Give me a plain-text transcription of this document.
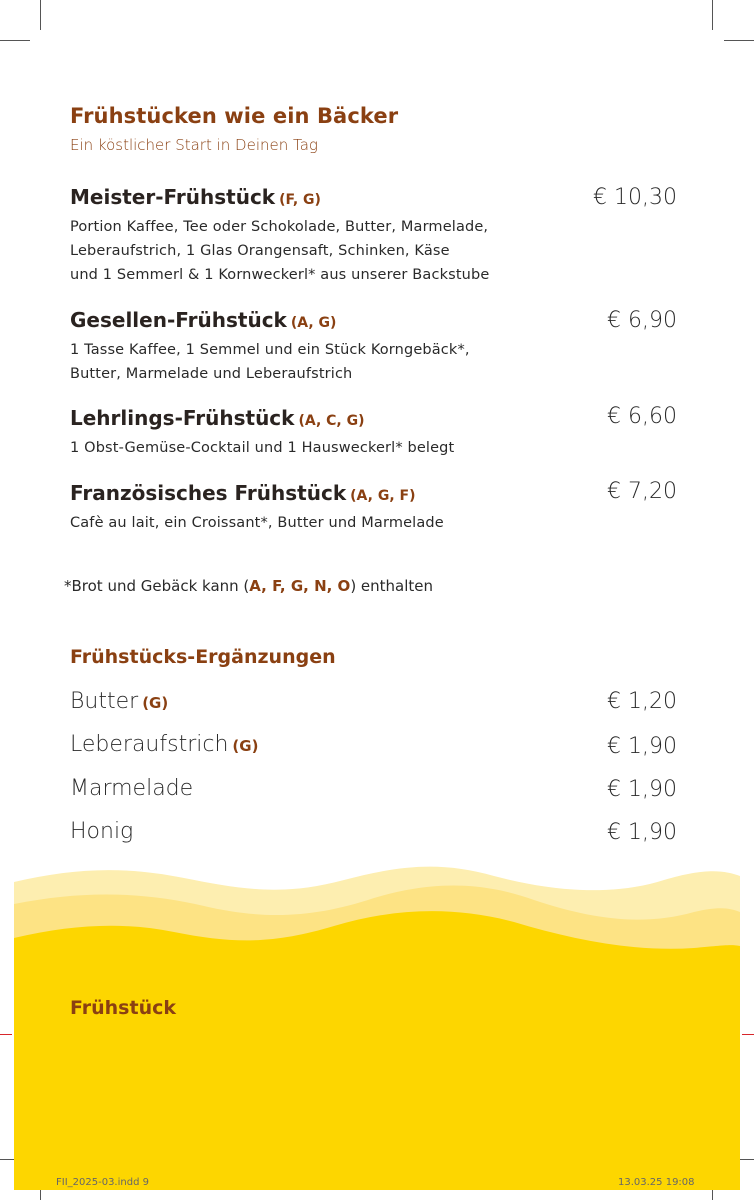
Frühstücken wie ein Bäcker
Ein köstlicher Start in Deinen Tag
Meister-Frühstück (F, G)
Portion Kaffee, Tee oder Schokolade, Butter, Marmelade,
Leberaufstrich, 1 Glas Orangensaft, Schinken, Käse
und 1 Semmerl & 1 Kornweckerl* aus unserer Backstube
€ 10,30
Gesellen-Frühstück (A, G)
1 Tasse Kaffee, 1 Semmel und ein Stück Korngebäck*,
Butter, Marmelade und Leberaufstrich
€ 6,90
Lehrlings-Frühstück (A, C, G)
1 Obst-Gemüse-Cocktail und 1 Hausweckerl* belegt
€ 6,60
Französisches Frühstück (A, G, F)
Cafè au lait, ein Croissant*, Butter und Marmelade
€ 7,20
*Brot und Gebäck kann (A, F, G, N, O) enthalten
Frühstücks-Ergänzungen
Butter (G)	€ 1,20
Leberaufstrich (G)	€ 1,90
Marmelade	€ 1,90
Honig	€ 1,90
Frühstück
FII_2025-03.indd 9	13.03.25 19:08
